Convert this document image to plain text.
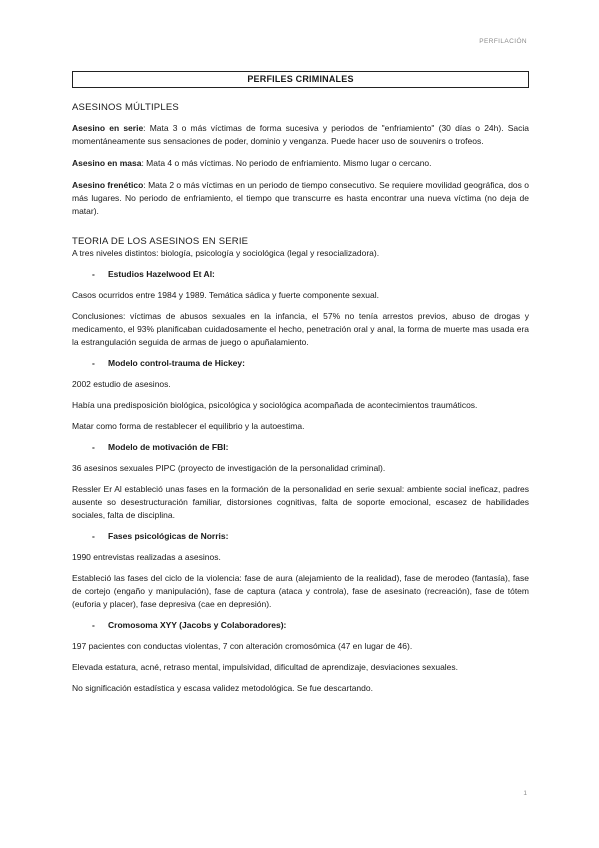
PERFILACIÓN
PERFILES CRIMINALES
ASESINOS MÚLTIPLES

Asesino en serie: Mata 3 o más víctimas de forma sucesiva y periodos de "enfriamiento" (30 días o 24h). Sacia momentáneamente sus sensaciones de poder, dominio y venganza. Puede hacer uso de souvenirs o trofeos.

Asesino en masa: Mata 4 o más víctimas. No periodo de enfriamiento. Mismo lugar o cercano.

Asesino frenético: Mata 2 o más víctimas en un periodo de tiempo consecutivo. Se requiere movilidad geográfica, dos o más lugares. No periodo de enfriamiento, el tiempo que transcurre es hasta encontrar una nueva víctima (no deja de matar).

TEORIA DE LOS ASESINOS EN SERIE

A tres niveles distintos: biología, psicología y sociológica (legal y resocializadora).

- Estudios Hazelwood Et Al:

Casos ocurridos entre 1984 y 1989. Temática sádica y fuerte componente sexual.

Conclusiones: víctimas de abusos sexuales en la infancia, el 57% no tenía arrestos previos, abuso de drogas y medicamento, el 93% planificaban cuidadosamente el hecho, penetración oral y anal, la forma de muerte mas usada era la estrangulación seguida de armas de juego o apuñalamiento.

- Modelo control-trauma de Hickey:

2002 estudio de asesinos.

Había una predisposición biológica, psicológica y sociológica acompañada de acontecimientos traumáticos.

Matar como forma de restablecer el equilibrio y la autoestima.

- Modelo de motivación de FBI:

36 asesinos sexuales PIPC (proyecto de investigación de la personalidad criminal).

Ressler Er Al estableció unas fases en la formación de la personalidad en serie sexual: ambiente social ineficaz, padres ausente so desestructuración familiar, distorsiones cognitivas, falta de soporte emocional, escasez de habilidades sociales, falta de disciplina.

- Fases psicológicas de Norris:

1990 entrevistas realizadas a asesinos.

Estableció las fases del ciclo de la violencia: fase de aura (alejamiento de la realidad), fase de merodeo (fantasía), fase de cortejo (engaño y manipulación), fase de captura (ataca y controla), fase de asesinato (recreación), fase de tótem (euforia y placer), fase depresiva (cae en depresión).

- Cromosoma XYY (Jacobs y Colaboradores):

197 pacientes con conductas violentas, 7 con alteración cromosómica (47 en lugar de 46).

Elevada estatura, acné, retraso mental, impulsividad, dificultad de aprendizaje, desviaciones sexuales.

No significación estadística y escasa validez metodológica. Se fue descartando.

1
